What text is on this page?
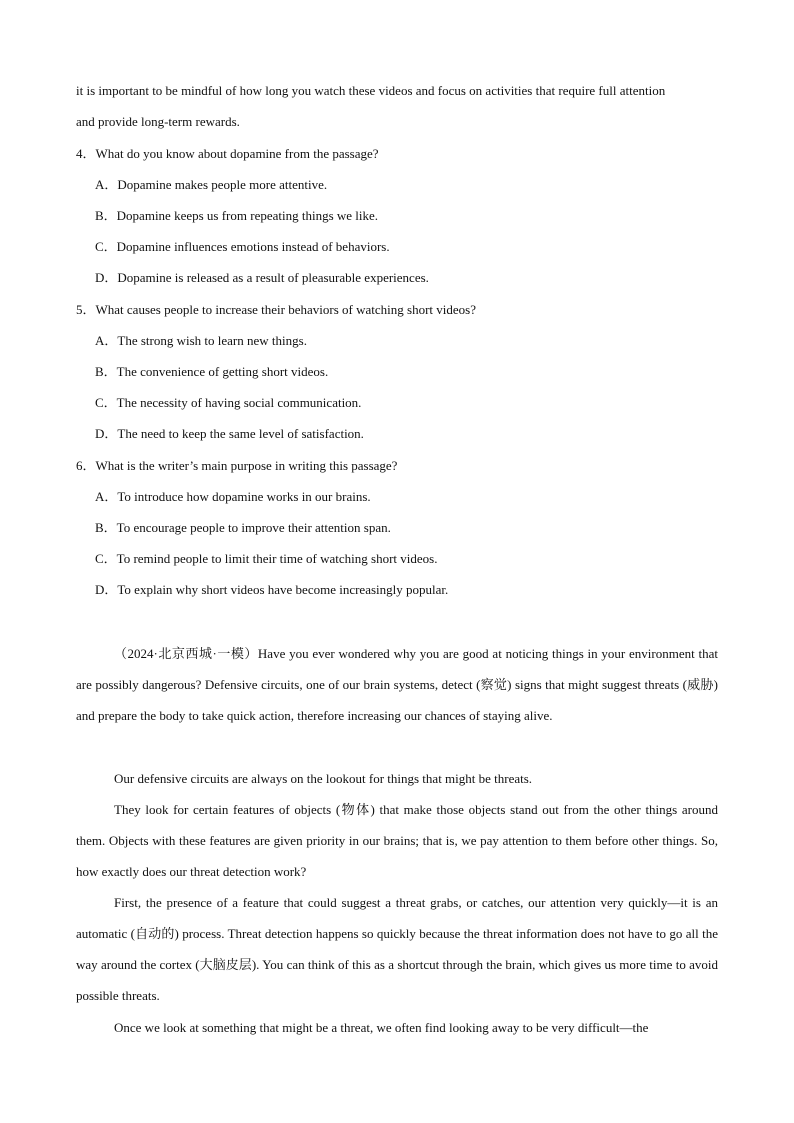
it is important to be mindful of how long you watch these videos and focus on activities that require full attention
and provide long-term rewards.
4．What do you know about dopamine from the passage?
A．Dopamine makes people more attentive.
B．Dopamine keeps us from repeating things we like.
C．Dopamine influences emotions instead of behaviors.
D．Dopamine is released as a result of pleasurable experiences.
5．What causes people to increase their behaviors of watching short videos?
A．The strong wish to learn new things.
B．The convenience of getting short videos.
C．The necessity of having social communication.
D．The need to keep the same level of satisfaction.
6．What is the writer’s main purpose in writing this passage?
A．To introduce how dopamine works in our brains.
B．To encourage people to improve their attention span.
C．To remind people to limit their time of watching short videos.
D．To explain why short videos have become increasingly popular.

（2024·北京西城·一模）Have you ever wondered why you are good at noticing things in your environment that are possibly dangerous? Defensive circuits, one of our brain systems, detect (察觉) signs that might suggest threats (威胁) and prepare the body to take quick action, therefore increasing our chances of staying alive.

Our defensive circuits are always on the lookout for things that might be threats.

They look for certain features of objects (物体) that make those objects stand out from the other things around them. Objects with these features are given priority in our brains; that is, we pay attention to them before other things. So, how exactly does our threat detection work?

First, the presence of a feature that could suggest a threat grabs, or catches, our attention very quickly—it is an automatic (自动的) process. Threat detection happens so quickly because the threat information does not have to go all the way around the cortex (大脑皮层). You can think of this as a shortcut through the brain, which gives us more time to avoid possible threats.

Once we look at something that might be a threat, we often find looking away to be very difficult—the
